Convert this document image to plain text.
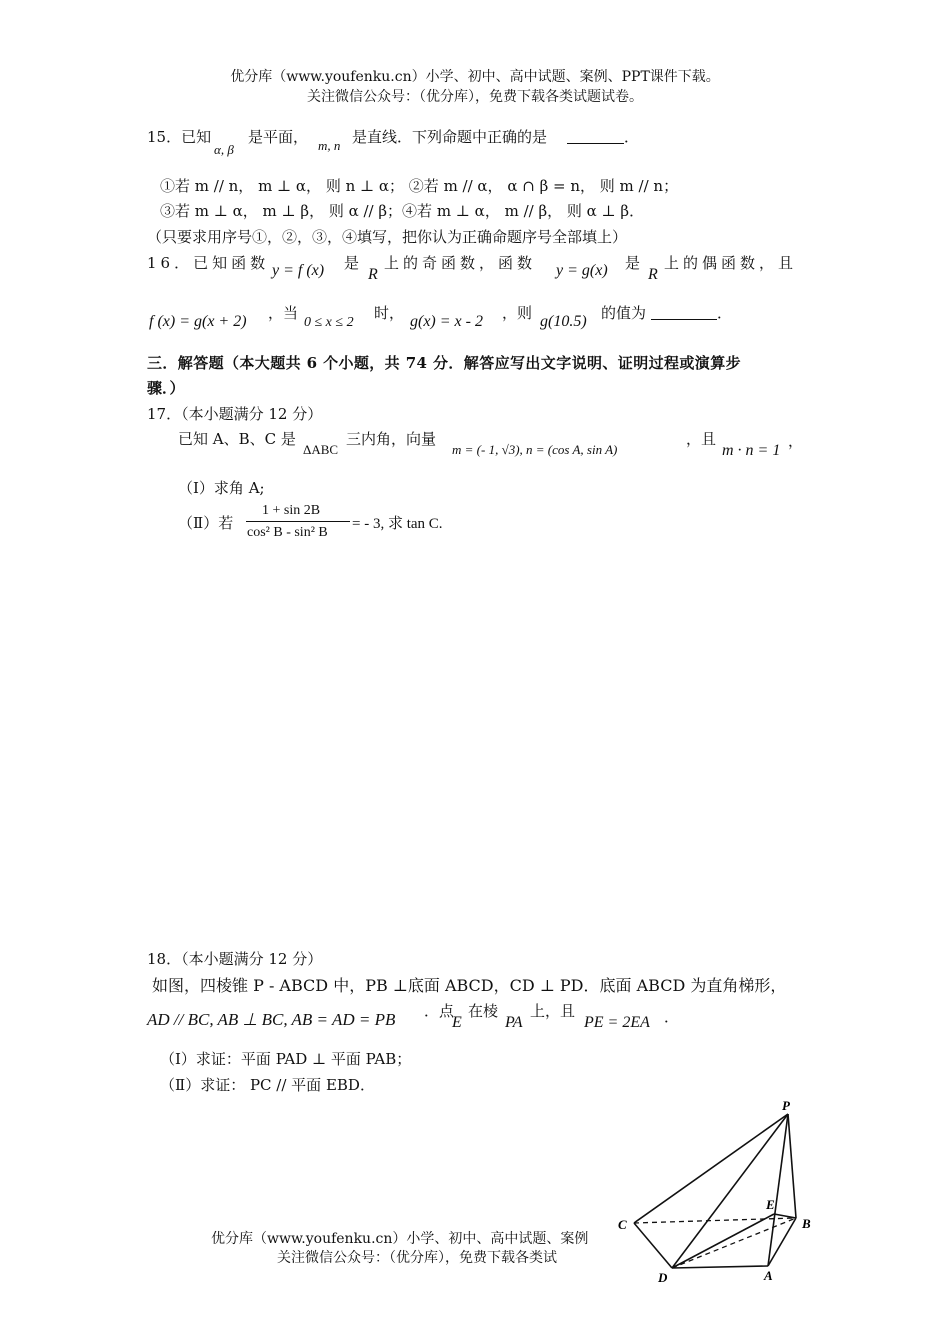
优分库（www.youfenku.cn）小学、初中、高中试题、案例、PPT课件下载。
关注微信公众号：（优分库），免费下载各类试题试卷。
15．已知
α, β
是平面， m, n 是直线．下列命题中正确的是	．
①若 m // n， m ⊥ α， 则 n ⊥ α； ②若 m // α， α ∩ β = n， 则 m // n；
③若 m ⊥ α， m ⊥ β， 则 α // β；④若 m ⊥ α， m // β， 则 α ⊥ β．
（只要求用序号①，②，③，④填写，把你认为正确命题序号全部填上）
16．已知函数 y = f (x) 是
R
上的奇函数，函数 y = g(x) 是
R
上的偶函数，且
f (x) = g(x + 2) ，当
0 ≤ x ≤ 2
时， g(x) = x - 2 ，则 g(10.5) 的值为	．
三．解答题（本大题共 6 个小题，共 74 分．解答应写出文字说明、证明过程或演算步
骤．）
17．（本小题满分 12 分）
已知 A、B、C 是
ΔABC
三内角，向量
m = (- 1, √3), n = (cos A, sin A)
，且
m · n = 1
，
（Ⅰ）求角 A;
（Ⅱ）若
1 + sin 2B
cos² B - sin² B
= - 3, 求 tan C.
18．（本小题满分 12 分）
如图，四棱锥 P - ABCD 中，PB ⊥底面 ABCD，CD ⊥ PD．底面 ABCD 为直角梯形，
AD // BC, AB ⊥ BC, AB = AD = PB ．点
E
在棱
PA
上，且
PE = 2EA ．
（Ⅰ）求证：平面 PAD ⊥ 平面 PAB；
（Ⅱ）求证： PC // 平面 EBD．
P
C
E
B
D	A
优分库（www.youfenku.cn）小学、初中、高中试题、案例
关注微信公众号：（优分库），免费下载各类试
